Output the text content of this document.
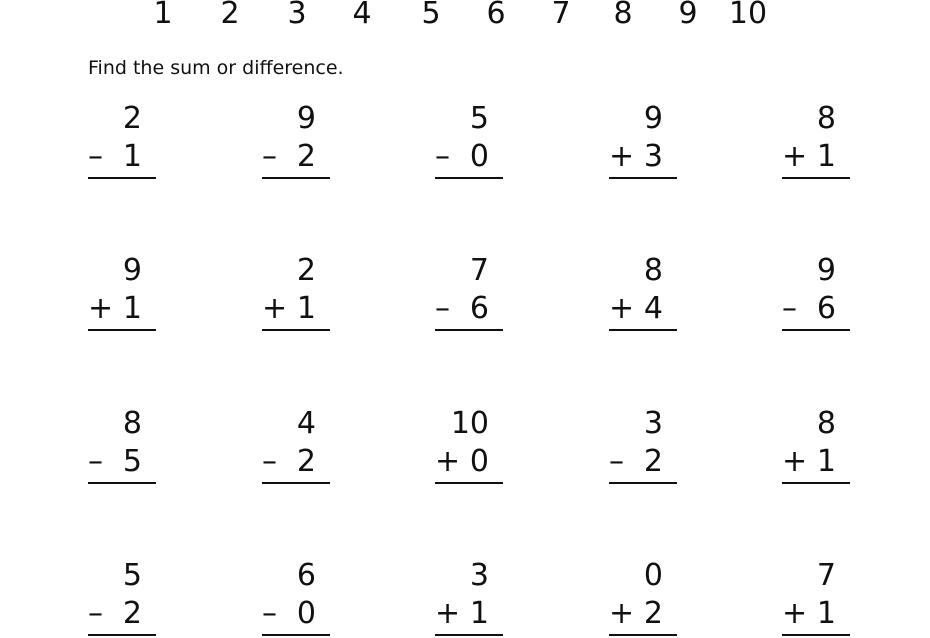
1 2 3 4 5 6 7 8 9 10
Find the sum or difference.
2
– 1
9
– 2
5
– 0
9
+ 3
8
+ 1
9
+ 1
2
+ 1
7
– 6
8
+ 4
9
– 6
8
– 5
4
– 2
10
+ 0
3
– 2
8
+ 1
5
– 2
6
– 0
3
+ 1
0
+ 2
7
+ 1
